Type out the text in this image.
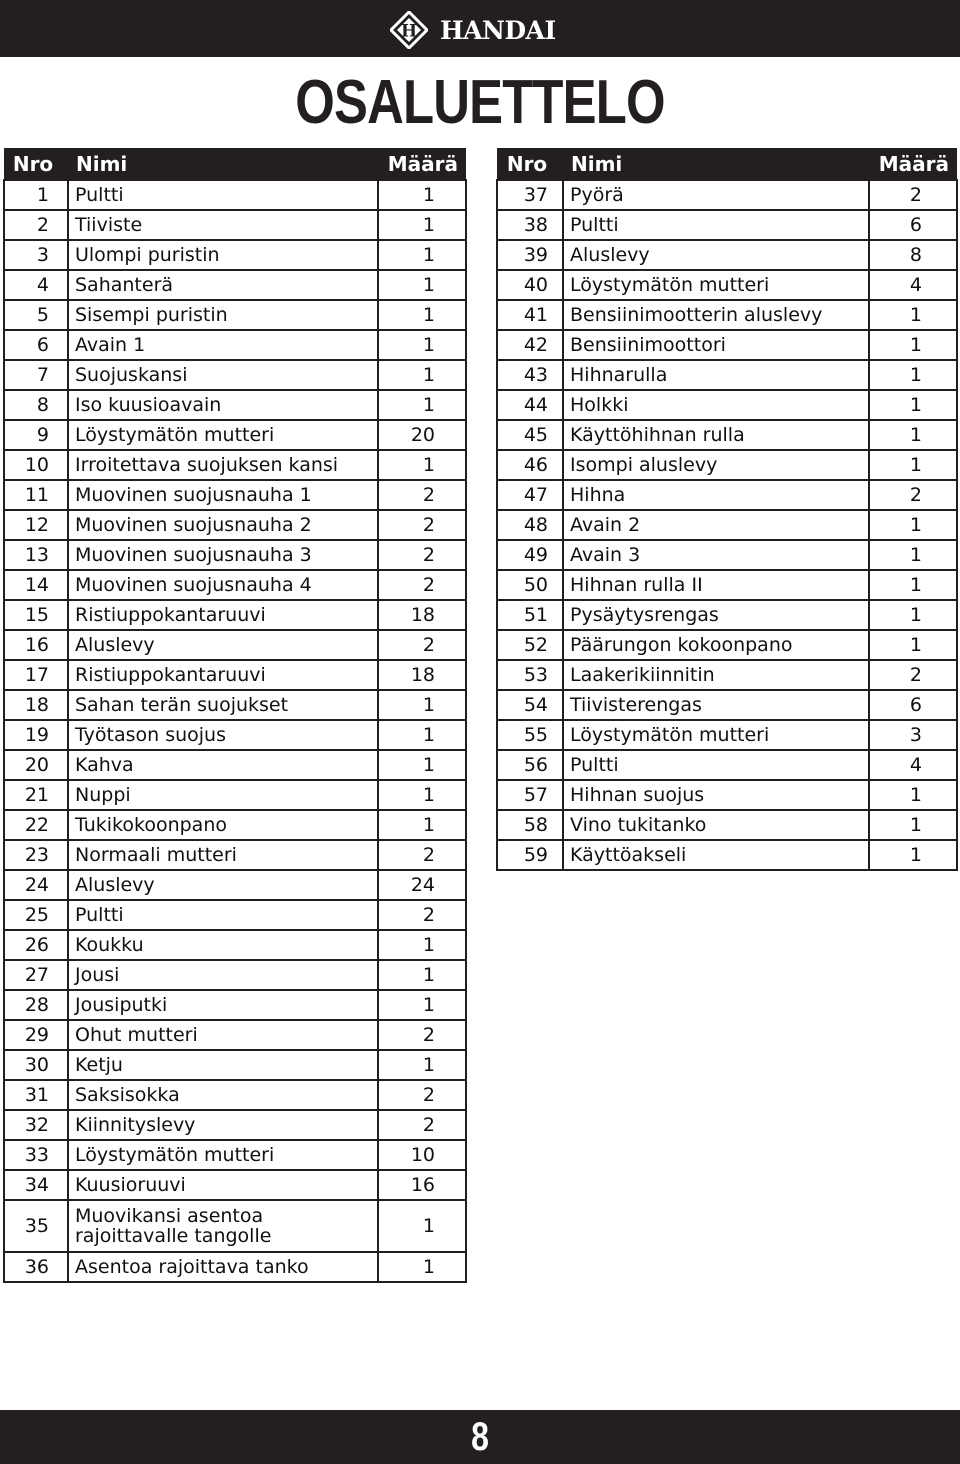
H HANDAI
OSALUETTELO
Nro	Nimi	Määrä
1	Pultti	1
2	Tiiviste	1
3	Ulompi puristin	1
4	Sahanterä	1
5	Sisempi puristin	1
6	Avain 1	1
7	Suojuskansi	1
8	Iso kuusioavain	1
9	Löystymätön mutteri	20
10	Irroitettava suojuksen kansi	1
11	Muovinen suojusnauha 1	2
12	Muovinen suojusnauha 2	2
13	Muovinen suojusnauha 3	2
14	Muovinen suojusnauha 4	2
15	Ristiuppokantaruuvi	18
16	Aluslevy	2
17	Ristiuppokantaruuvi	18
18	Sahan terän suojukset	1
19	Työtason suojus	1
20	Kahva	1
21	Nuppi	1
22	Tukikokoonpano	1
23	Normaali mutteri	2
24	Aluslevy	24
25	Pultti	2
26	Koukku	1
27	Jousi	1
28	Jousiputki	1
29	Ohut mutteri	2
30	Ketju	1
31	Saksisokka	2
32	Kiinnityslevy	2
33	Löystymätön mutteri	10
34	Kuusioruuvi	16
35	Muovikansi asentoa
rajoittavalle tangolle	1
36	Asentoa rajoittava tanko	1
Nro	Nimi	Määrä
37	Pyörä	2
38	Pultti	6
39	Aluslevy	8
40	Löystymätön mutteri	4
41	Bensiinimootterin aluslevy	1
42	Bensiinimoottori	1
43	Hihnarulla	1
44	Holkki	1
45	Käyttöhihnan rulla	1
46	Isompi aluslevy	1
47	Hihna	2
48	Avain 2	1
49	Avain 3	1
50	Hihnan rulla II	1
51	Pysäytysrengas	1
52	Päärungon kokoonpano	1
53	Laakerikiinnitin	2
54	Tiivisterengas	6
55	Löystymätön mutteri	3
56	Pultti	4
57	Hihnan suojus	1
58	Vino tukitanko	1
59	Käyttöakseli	1
8
